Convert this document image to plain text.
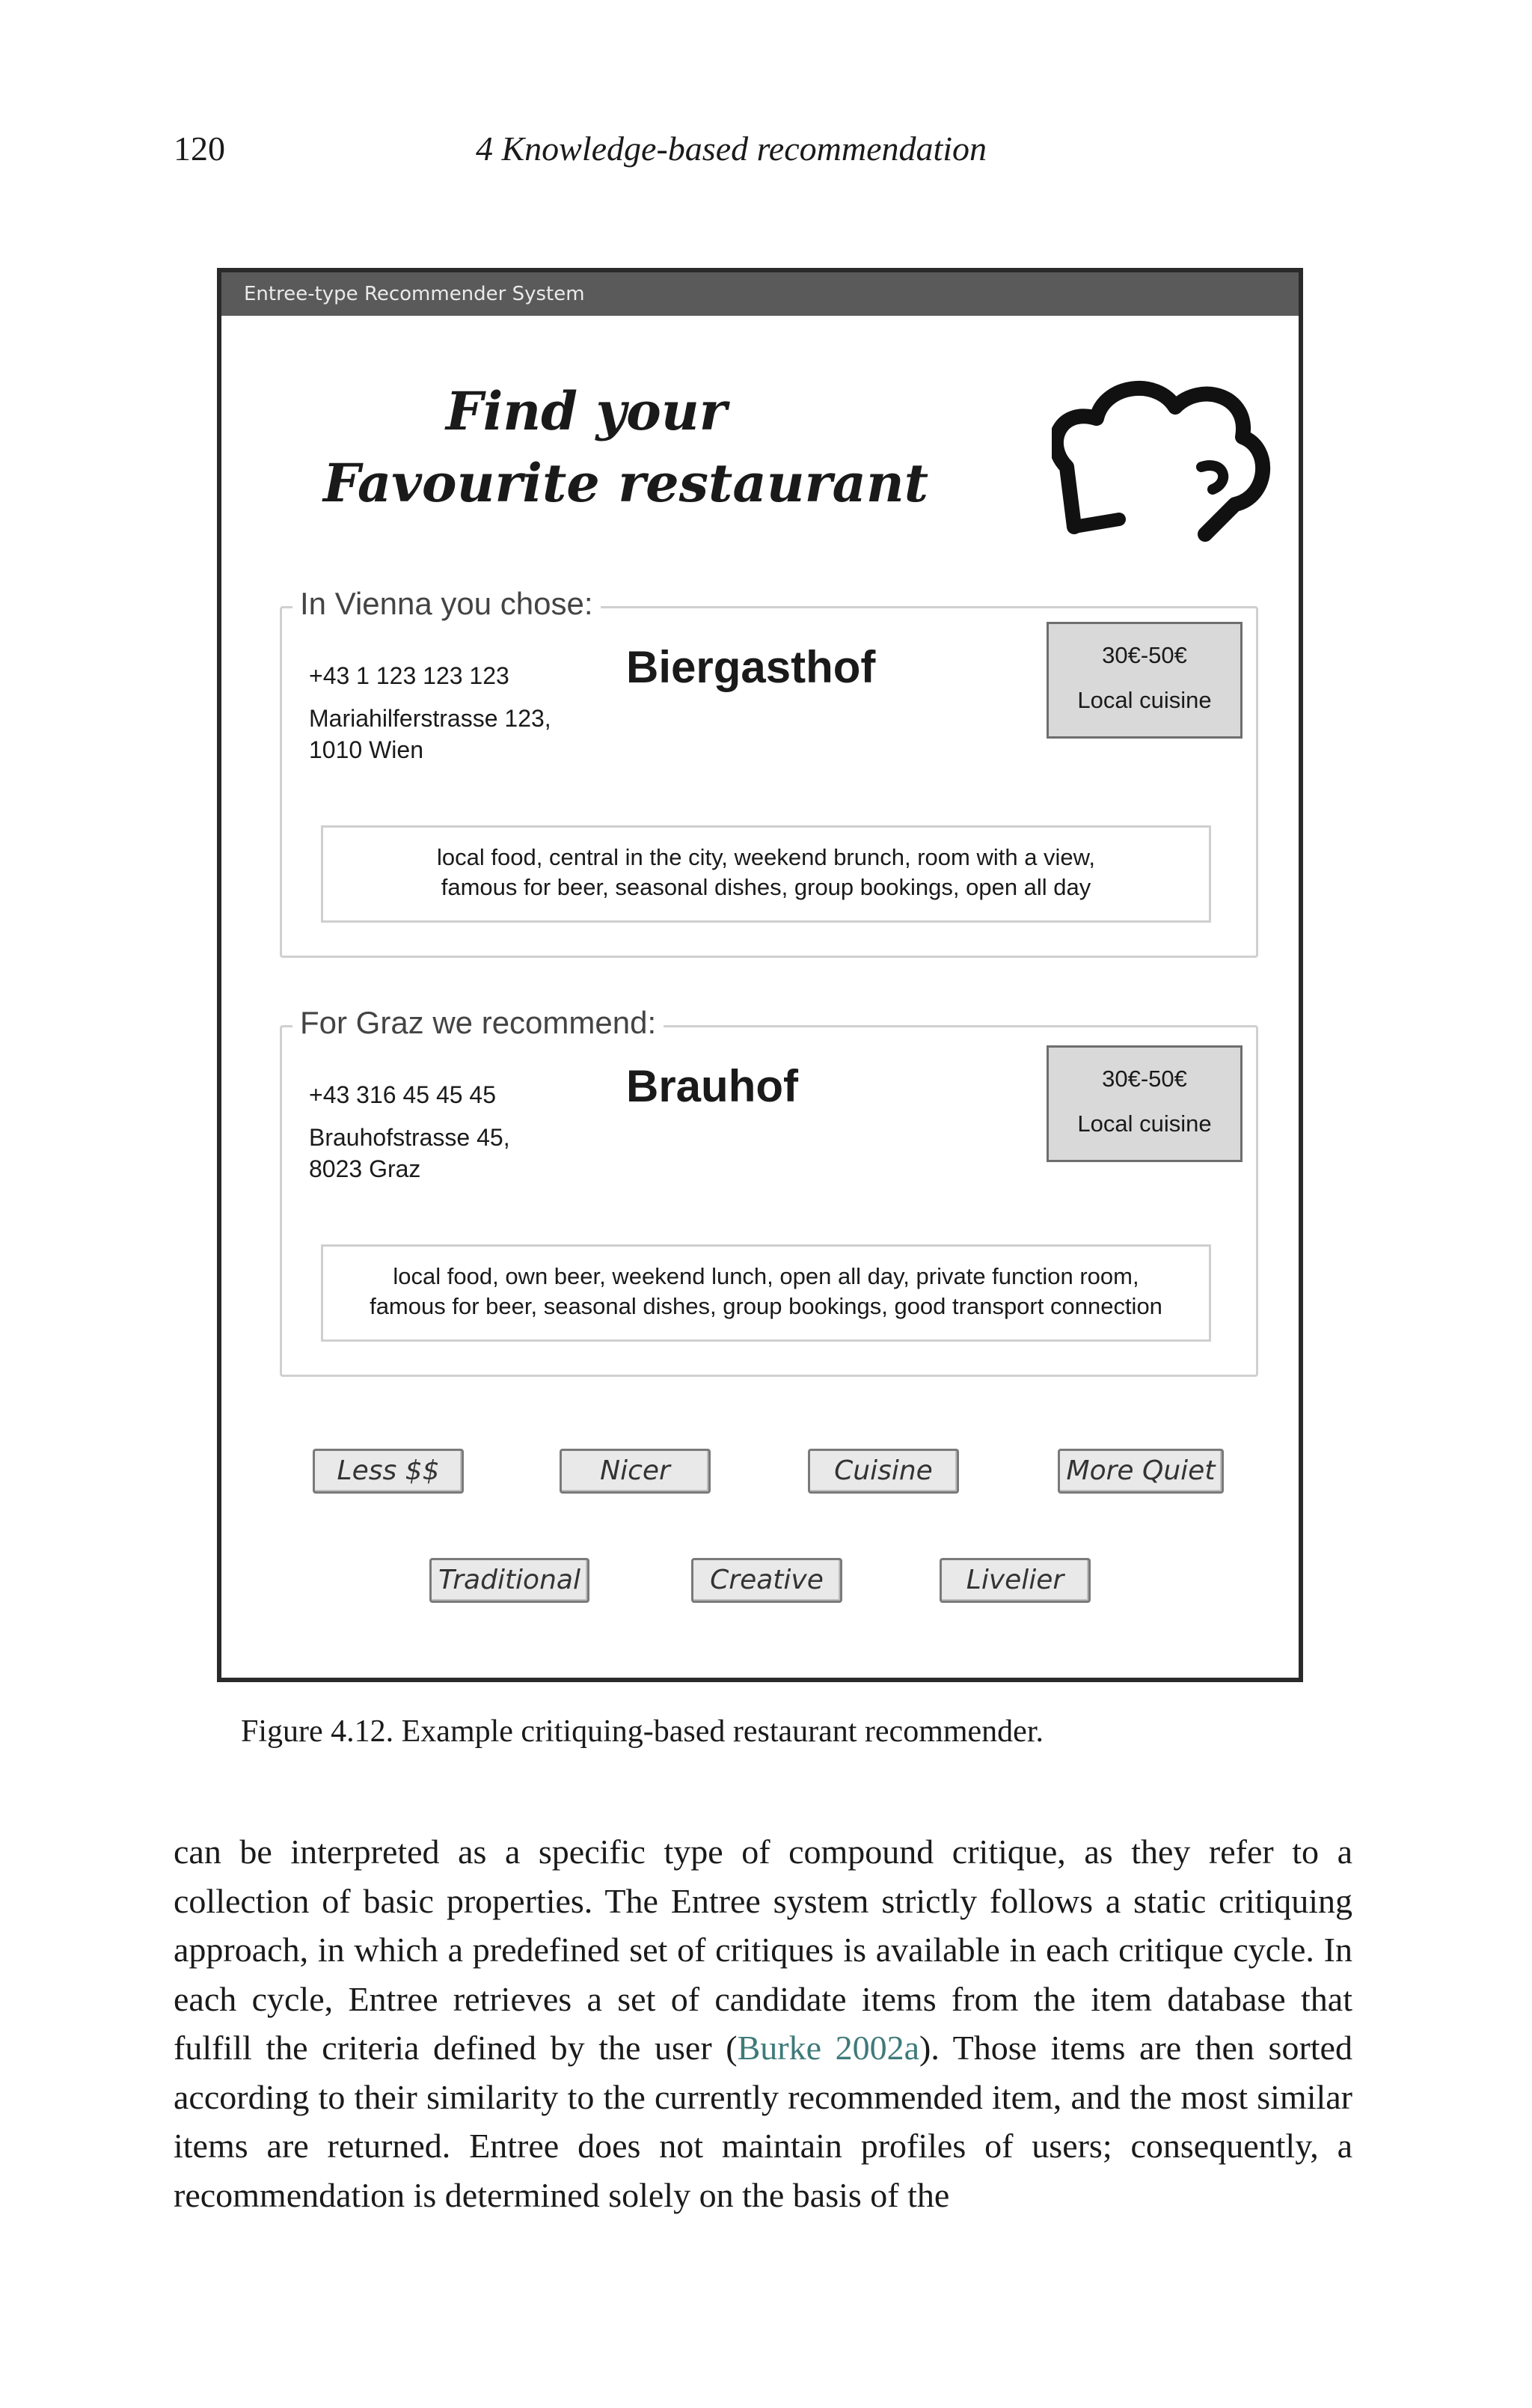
120	4 Knowledge-based recommendation
Entree-type Recommender System
Find your
Favourite restaurant
In Vienna you chose:
+43 1 123 123 123
Mariahilferstrasse 123,
1010 Wien
Biergasthof	30€-50€
Local cuisine
local food, central in the city, weekend brunch, room with a view,
famous for beer, seasonal dishes, group bookings, open all day
For Graz we recommend:
+43 316 45 45 45
Brauhofstrasse 45,
8023 Graz
Brauhof	30€-50€
Local cuisine
local food, own beer, weekend lunch, open all day, private function room,
famous for beer, seasonal dishes, group bookings, good transport connection
Less $$	Nicer	Cuisine	More Quiet
Traditional	Creative	Livelier
Figure 4.12. Example critiquing-based restaurant recommender.
can be interpreted as a specific type of compound critique, as they refer to a collection of basic properties. The Entree system strictly follows a static critiquing approach, in which a predefined set of critiques is available in each critique cycle. In each cycle, Entree retrieves a set of candidate items from the item database that fulfill the criteria defined by the user (Burke 2002a). Those items are then sorted according to their similarity to the currently recommended item, and the most similar items are returned. Entree does not maintain profiles of users; consequently, a recommendation is determined solely on the basis of the
